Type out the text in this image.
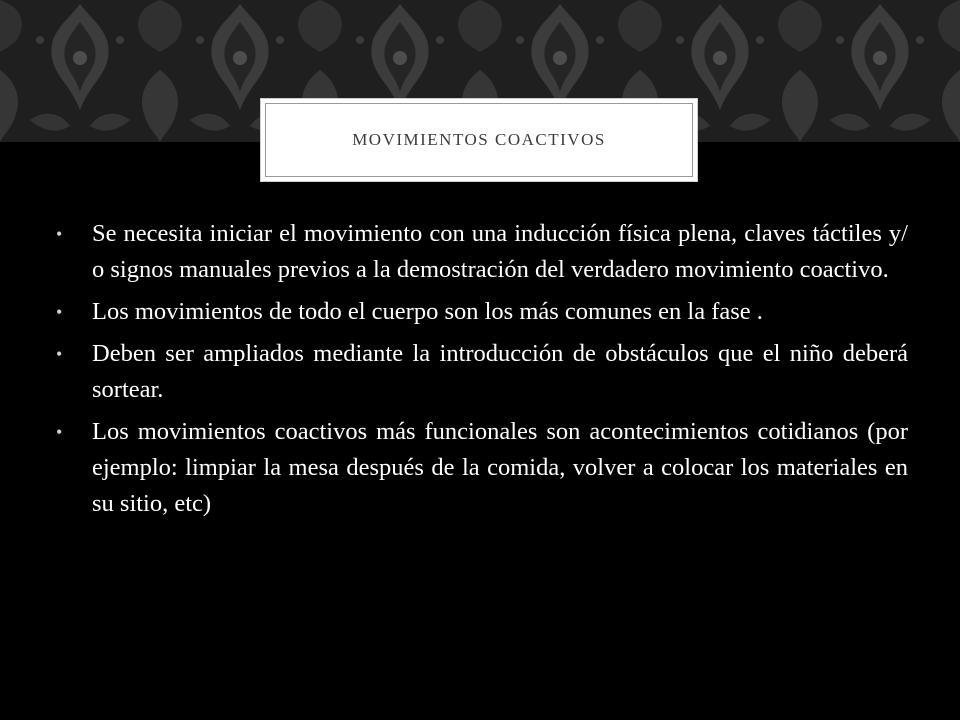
MOVIMIENTOS COACTIVOS
•	Se necesita iniciar el movimiento con una inducción física plena, claves táctiles y/ o signos manuales previos a la demostración del verdadero movimiento coactivo.
•	Los movimientos de todo el cuerpo son los más comunes en la fase .
•	Deben ser ampliados mediante la introducción de obstáculos que el niño deberá sortear.
•	Los movimientos coactivos más funcionales son acontecimientos cotidianos (por ejemplo: limpiar la mesa después de la comida, volver a colocar los materiales en su sitio, etc)
